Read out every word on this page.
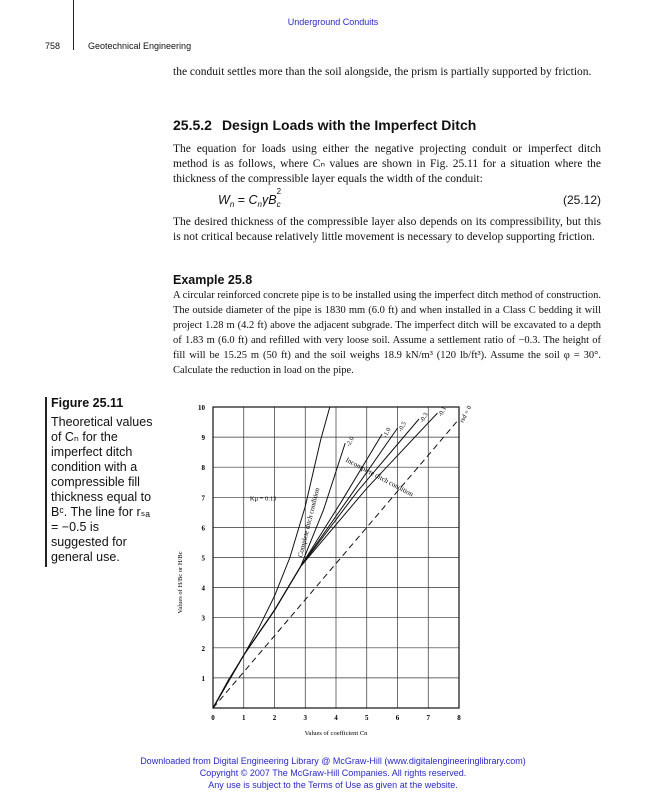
Underground Conduits
758	Geotechnical Engineering

the conduit settles more than the soil alongside, the prism is partially supported by friction.

25.5.2 Design Loads with the Imperfect Ditch

The equation for loads using either the negative projecting conduit or imperfect ditch method is as follows, where Cₙ values are shown in Fig. 25.11 for a situation where the thickness of the compressible layer equals the width of the conduit:

$W_n = C_n\gamma B$
2
$_c$	(25.12)

The desired thickness of the compressible layer also depends on its compressibility, but this is not critical because relatively little movement is necessary to develop supporting friction.

Example 25.8

A circular reinforced concrete pipe is to be installed using the imperfect ditch method of construction. The outside diameter of the pipe is 1830 mm (6.0 ft) and when installed in a Class C bedding it will project 1.28 m (4.2 ft) above the adjacent subgrade. The imperfect ditch will be excavated to a depth of 1.83 m (6.0 ft) and refilled with very loose soil. Assume a settlement ratio of −0.3. The height of fill will be 15.25 m (50 ft) and the soil weighs 18.9 kN/m³ (120 lb/ft³). Assume the soil φ = 30°. Calculate the reduction in load on the pipe.

Figure 25.11

Theoretical values of Cₙ for the imperfect ditch condition with a compressible fill thickness equal to Bᶜ. The line for rₛₐ = −0.5 is suggested for general use.

0	1	2	3	4	5	6	7	8
1
2
3
4
5
6
7
8
9
10
Values of coefficient Cn
Values of H/Bc or H/Bc
-2.0
-1.0 -0.5
-0.3 -0.1 rsd = 0
Kμ = 0.13	Complete ditch condition
Incomplete ditch condition
Downloaded from Digital Engineering Library @ McGraw-Hill (www.digitalengineeringlibrary.com)
Copyright © 2007 The McGraw-Hill Companies. All rights reserved.
Any use is subject to the Terms of Use as given at the website.
